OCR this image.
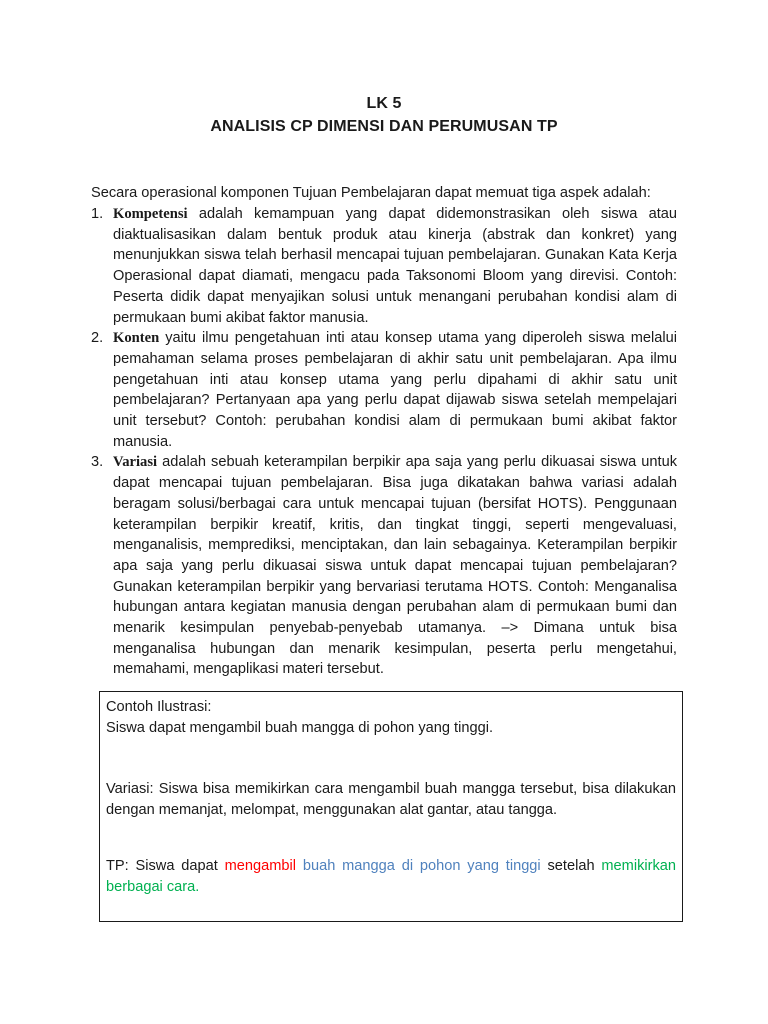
LK 5
ANALISIS CP DIMENSI DAN PERUMUSAN TP
Secara operasional komponen Tujuan Pembelajaran dapat memuat tiga aspek adalah:
1. Kompetensi adalah kemampuan yang dapat didemonstrasikan oleh siswa atau diaktualisasikan dalam bentuk produk atau kinerja (abstrak dan konkret) yang menunjukkan siswa telah berhasil mencapai tujuan pembelajaran. Gunakan Kata Kerja Operasional dapat diamati, mengacu pada Taksonomi Bloom yang direvisi. Contoh: Peserta didik dapat menyajikan solusi untuk menangani perubahan kondisi alam di permukaan bumi akibat faktor manusia.

2. Konten yaitu ilmu pengetahuan inti atau konsep utama yang diperoleh siswa melalui pemahaman selama proses pembelajaran di akhir satu unit pembelajaran. Apa ilmu pengetahuan inti atau konsep utama yang perlu dipahami di akhir satu unit pembelajaran? Pertanyaan apa yang perlu dapat dijawab siswa setelah mempelajari unit tersebut? Contoh: perubahan kondisi alam di permukaan bumi akibat faktor manusia.

3. Variasi adalah sebuah keterampilan berpikir apa saja yang perlu dikuasai siswa untuk dapat mencapai tujuan pembelajaran. Bisa juga dikatakan bahwa variasi adalah beragam solusi/berbagai cara untuk mencapai tujuan (bersifat HOTS). Penggunaan keterampilan berpikir kreatif, kritis, dan tingkat tinggi, seperti mengevaluasi, menganalisis, memprediksi, menciptakan, dan lain sebagainya. Keterampilan berpikir apa saja yang perlu dikuasai siswa untuk dapat mencapai tujuan pembelajaran? Gunakan keterampilan berpikir yang bervariasi terutama HOTS. Contoh: Menganalisa hubungan antara kegiatan manusia dengan perubahan alam di permukaan bumi dan menarik kesimpulan penyebab-penyebab utamanya. –> Dimana untuk bisa menganalisa hubungan dan menarik kesimpulan, peserta perlu mengetahui, memahami, mengaplikasi materi tersebut.

Contoh Ilustrasi:

Siswa dapat mengambil buah mangga di pohon yang tinggi.

Variasi: Siswa bisa memikirkan cara mengambil buah mangga tersebut, bisa dilakukan dengan memanjat, melompat, menggunakan alat gantar, atau tangga.

TP: Siswa dapat mengambil buah mangga di pohon yang tinggi setelah memikirkan berbagai cara.
